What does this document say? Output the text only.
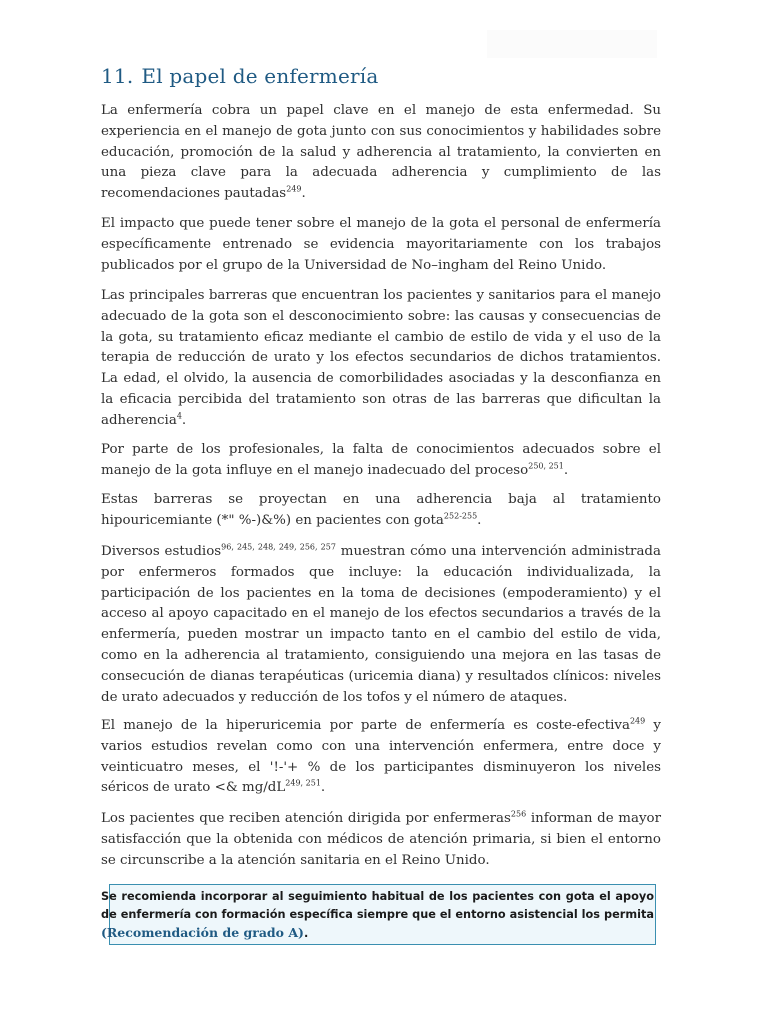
11. El papel de enfermería

La enfermería cobra un papel clave en el manejo de esta enfermedad. Su experiencia en el manejo de gota junto con sus conocimientos y habilidades sobre educación, promoción de la salud y adherencia al tratamiento, la convierten en una pieza clave para la adecuada adherencia y cumplimiento de las recomendaciones pautadas$^{249}$.

El impacto que puede tener sobre el manejo de la gota el personal de enfermería específicamente entrenado se evidencia mayoritariamente con los trabajos publicados por el grupo de la Universidad de No–ingham del Reino Unido.

Las principales barreras que encuentran los pacientes y sanitarios para el manejo adecuado de la gota son el desconocimiento sobre: las causas y consecuencias de la gota, su tratamiento eficaz mediante el cambio de estilo de vida y el uso de la terapia de reducción de urato y los efectos secundarios de dichos tratamientos. La edad, el olvido, la ausencia de comorbilidades asociadas y la desconfianza en la eficacia percibida del tratamiento son otras de las barreras que dificultan la adherencia$^4$.

Por parte de los profesionales, la falta de conocimientos adecuados sobre el manejo de la gota influye en el manejo inadecuado del proceso$^{250, 251}$.

Estas barreras se proyectan en una adherencia baja al tratamiento hipouricemiante (*" %-)&%) en pacientes con gota$^{252-255}$.

Diversos estudios$^{96, 245, 248, 249, 256, 257}$ muestran cómo una intervención administrada por enfermeros formados que incluye: la educación individualizada, la participación de los pacientes en la toma de decisiones (empoderamiento) y el acceso al apoyo capacitado en el manejo de los efectos secundarios a través de la enfermería, pueden mostrar un impacto tanto en el cambio del estilo de vida, como en la adherencia al tratamiento, consiguiendo una mejora en las tasas de consecución de dianas terapéuticas (uricemia diana) y resultados clínicos: niveles de urato adecuados y reducción de los tofos y el número de ataques.

El manejo de la hiperuricemia por parte de enfermería es coste-efectiva$^{249}$ y varios estudios revelan como con una intervención enfermera, entre doce y veinticuatro meses, el '!-'+ % de los participantes disminuyeron los niveles séricos de urato <& mg/dL$^{249, 251}$.

Los pacientes que reciben atención dirigida por enfermeras$^{256}$ informan de mayor satisfacción que la obtenida con médicos de atención primaria, si bien el entorno se circunscribe a la atención sanitaria en el Reino Unido.

Se recomienda incorporar al seguimiento habitual de los pacientes con gota el apoyo de enfermería con formación específica siempre que el entorno asistencial los permita (Recomendación de grado A).
